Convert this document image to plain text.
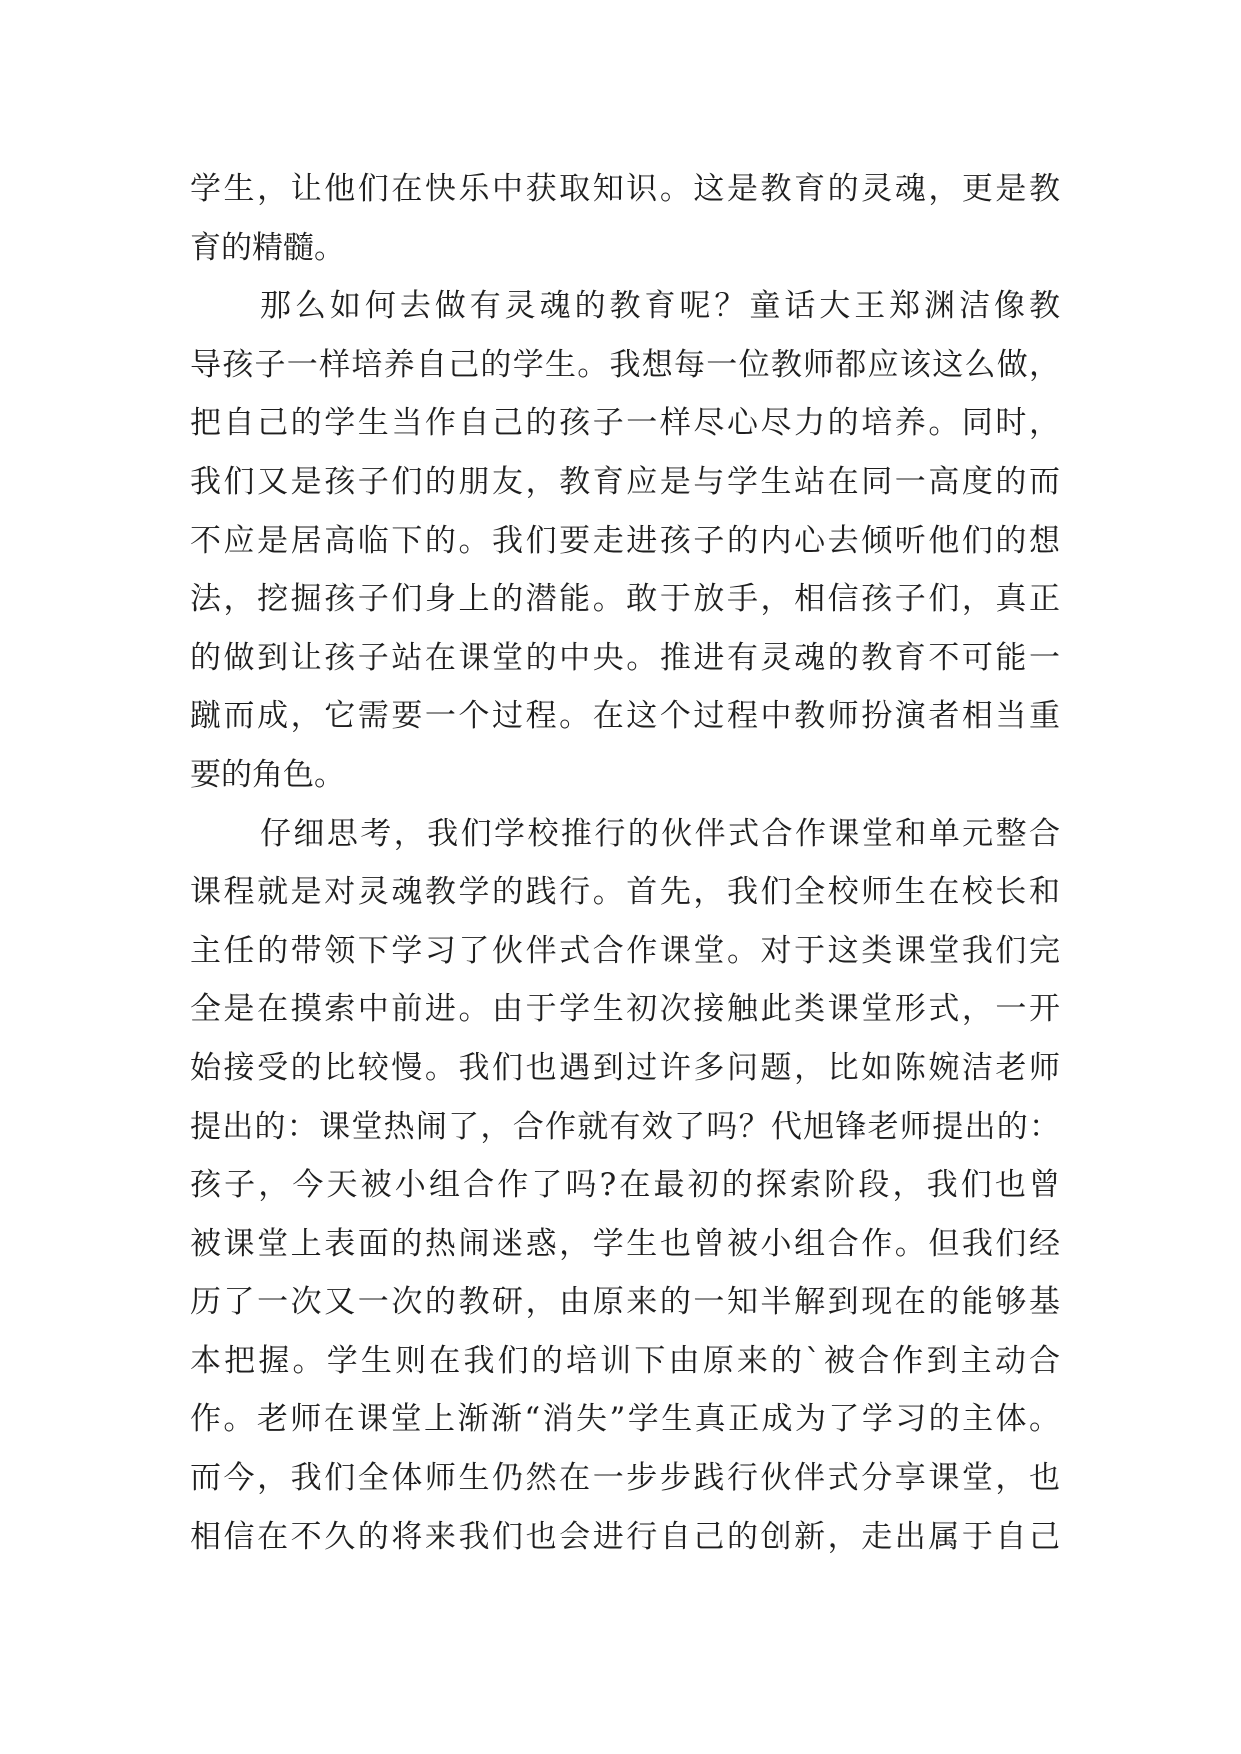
学生，让他们在快乐中获取知识。这是教育的灵魂，更是教
育的精髓。
那么如何去做有灵魂的教育呢？童话大王郑渊洁像教
导孩子一样培养自己的学生。我想每一位教师都应该这么做，
把自己的学生当作自己的孩子一样尽心尽力的培养。同时，
我们又是孩子们的朋友，教育应是与学生站在同一高度的而
不应是居高临下的。我们要走进孩子的内心去倾听他们的想
法，挖掘孩子们身上的潜能。敢于放手，相信孩子们，真正
的做到让孩子站在课堂的中央。推进有灵魂的教育不可能一
蹴而成，它需要一个过程。在这个过程中教师扮演者相当重
要的角色。
仔细思考，我们学校推行的伙伴式合作课堂和单元整合
课程就是对灵魂教学的践行。首先，我们全校师生在校长和
主任的带领下学习了伙伴式合作课堂。对于这类课堂我们完
全是在摸索中前进。由于学生初次接触此类课堂形式，一开
始接受的比较慢。我们也遇到过许多问题，比如陈婉洁老师
提出的：课堂热闹了，合作就有效了吗？代旭锋老师提出的：
孩子，今天被小组合作了吗?在最初的探索阶段，我们也曾
被课堂上表面的热闹迷惑，学生也曾被小组合作。但我们经
历了一次又一次的教研，由原来的一知半解到现在的能够基
本把握。学生则在我们的培训下由原来的`被合作到主动合
作。老师在课堂上渐渐“消失”学生真正成为了学习的主体。
而今，我们全体师生仍然在一步步践行伙伴式分享课堂，也
相信在不久的将来我们也会进行自己的创新，走出属于自己
